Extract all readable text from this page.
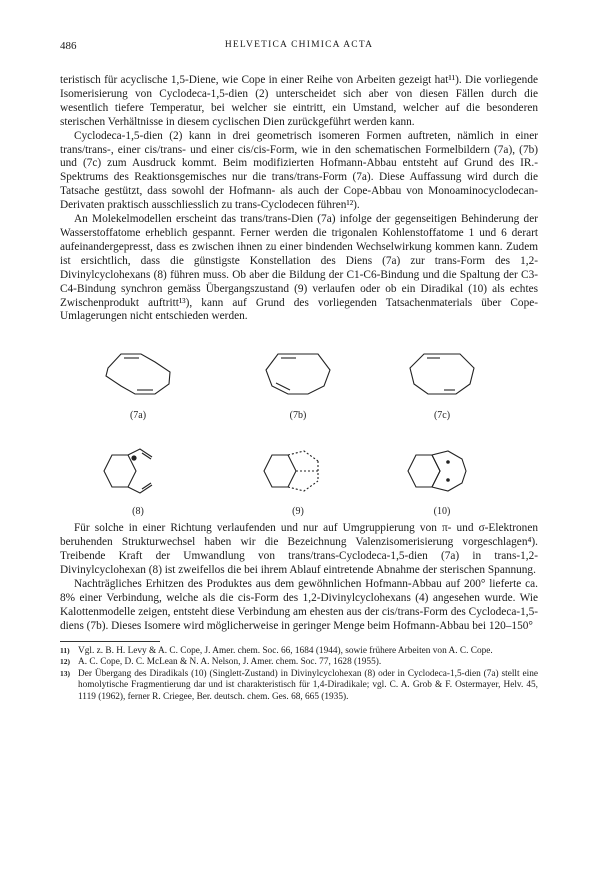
486	HELVETICA CHIMICA ACTA

teristisch für acyclische 1,5-Diene, wie Cope in einer Reihe von Arbeiten gezeigt hat¹¹). Die vorliegende Isomerisierung von Cyclodeca-1,5-dien (2) unterscheidet sich aber von diesen Fällen durch die wesentlich tiefere Temperatur, bei welcher sie eintritt, ein Umstand, welcher auf die besonderen sterischen Verhältnisse in diesem cyclischen Dien zurückgeführt werden kann.

Cyclodeca-1,5-dien (2) kann in drei geometrisch isomeren Formen auftreten, nämlich in einer trans/trans-, einer cis/trans- und einer cis/cis-Form, wie in den schematischen Formelbildern (7a), (7b) und (7c) zum Ausdruck kommt. Beim modifizierten Hofmann-Abbau entsteht auf Grund des IR.-Spektrums des Reaktionsgemisches nur die trans/trans-Form (7a). Diese Auffassung wird durch die Tatsache gestützt, dass sowohl der Hofmann- als auch der Cope-Abbau von Monoaminocyclodecan-Derivaten praktisch ausschliesslich zu trans-Cyclodecen führen¹²).

An Molekelmodellen erscheint das trans/trans-Dien (7a) infolge der gegenseitigen Behinderung der Wasserstoffatome erheblich gespannt. Ferner werden die trigonalen Kohlenstoffatome 1 und 6 derart aufeinandergepresst, dass es zwischen ihnen zu einer bindenden Wechselwirkung kommen kann. Zudem ist ersichtlich, dass die günstigste Konstellation des Diens (7a) zur trans-Form des 1,2-Divinylcyclohexans (8) führen muss. Ob aber die Bildung der C1-C6-Bindung und die Spaltung der C3-C4-Bindung synchron gemäss Übergangszustand (9) verlaufen oder ob ein Diradikal (10) als echtes Zwischenprodukt auftritt¹³), kann auf Grund des vorliegenden Tatsachenmaterials über Cope-Umlagerungen nicht entschieden werden.

(7a)	(7b)	(7c)
(8)	(9)	(10)

Für solche in einer Richtung verlaufenden und nur auf Umgruppierung von π- und σ-Elektronen beruhenden Strukturwechsel haben wir die Bezeichnung Valenzisomerisierung vorgeschlagen⁴). Treibende Kraft der Umwandlung von trans/trans-Cyclodeca-1,5-dien (7a) in trans-1,2-Divinylcyclohexan (8) ist zweifellos die bei ihrem Ablauf eintretende Abnahme der sterischen Spannung.

Nachträgliches Erhitzen des Produktes aus dem gewöhnlichen Hofmann-Abbau auf 200° lieferte ca. 8% einer Verbindung, welche als die cis-Form des 1,2-Divinylcyclohexans (4) angesehen wurde. Wie Kalottenmodelle zeigen, entsteht diese Verbindung am ehesten aus der cis/trans-Form des Cyclodeca-1,5-diens (7b). Dieses Isomere wird möglicherweise in geringer Menge beim Hofmann-Abbau bei 120–150°

11) Vgl. z. B. H. Levy & A. C. Cope, J. Amer. chem. Soc. 66, 1684 (1944), sowie frühere Arbeiten von A. C. Cope.
12) A. C. Cope, D. C. McLean & N. A. Nelson, J. Amer. chem. Soc. 77, 1628 (1955).
13) Der Übergang des Diradikals (10) (Singlett-Zustand) in Divinylcyclohexan (8) oder in Cyclodeca-1,5-dien (7a) stellt eine homolytische Fragmentierung dar und ist charakteristisch für 1,4-Diradikale; vgl. C. A. Grob & F. Ostermayer, Helv. 45, 1119 (1962), ferner R. Criegee, Ber. deutsch. chem. Ges. 68, 665 (1935).
